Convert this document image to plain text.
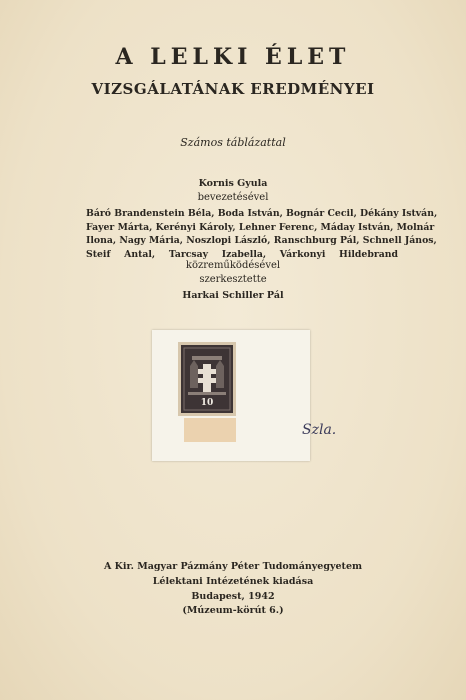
A LELKI ÉLET
VIZSGÁLATÁNAK EREDMÉNYEI
Számos táblázattal
Kornis Gyula
bevezetésével
Báró Brandenstein Béla, Boda István, Bognár Cecil, Dékány István,
Fayer Márta, Kerényi Károly, Lehner Ferenc, Máday István, Molnár
Ilona, Nagy Mária, Noszlopi László, Ranschburg Pál, Schnell János,
Steif Antal, Tarcsay Izabella, Várkonyi Hildebrand
közreműködésével
szerkesztette
Harkai Schiller Pál
10
Szla.
A Kir. Magyar Pázmány Péter Tudományegyetem
Lélektani Intézetének kiadása
Budapest, 1942
(Múzeum-körút 6.)
